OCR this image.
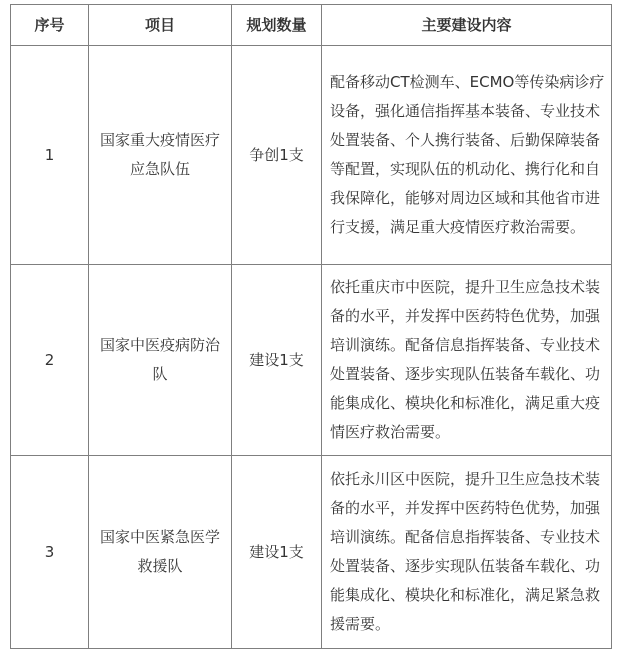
序号	项目	规划数量	主要建设内容
1	国家重大疫情医疗应急队伍	争创1支	配备移动CT检测车、ECMO等传染病诊疗设备，强化通信指挥基本装备、专业技术处置装备、个人携行装备、后勤保障装备等配置，实现队伍的机动化、携行化和自我保障化，能够对周边区域和其他省市进行支援，满足重大疫情医疗救治需要。
2	国家中医疫病防治队	建设1支	依托重庆市中医院，提升卫生应急技术装备的水平，并发挥中医药特色优势，加强培训演练。配备信息指挥装备、专业技术处置装备、逐步实现队伍装备车载化、功能集成化、模块化和标准化，满足重大疫情医疗救治需要。
3	国家中医紧急医学救援队	建设1支	依托永川区中医院，提升卫生应急技术装备的水平，并发挥中医药特色优势，加强培训演练。配备信息指挥装备、专业技术处置装备、逐步实现队伍装备车载化、功能集成化、模块化和标准化，满足紧急救援需要。
